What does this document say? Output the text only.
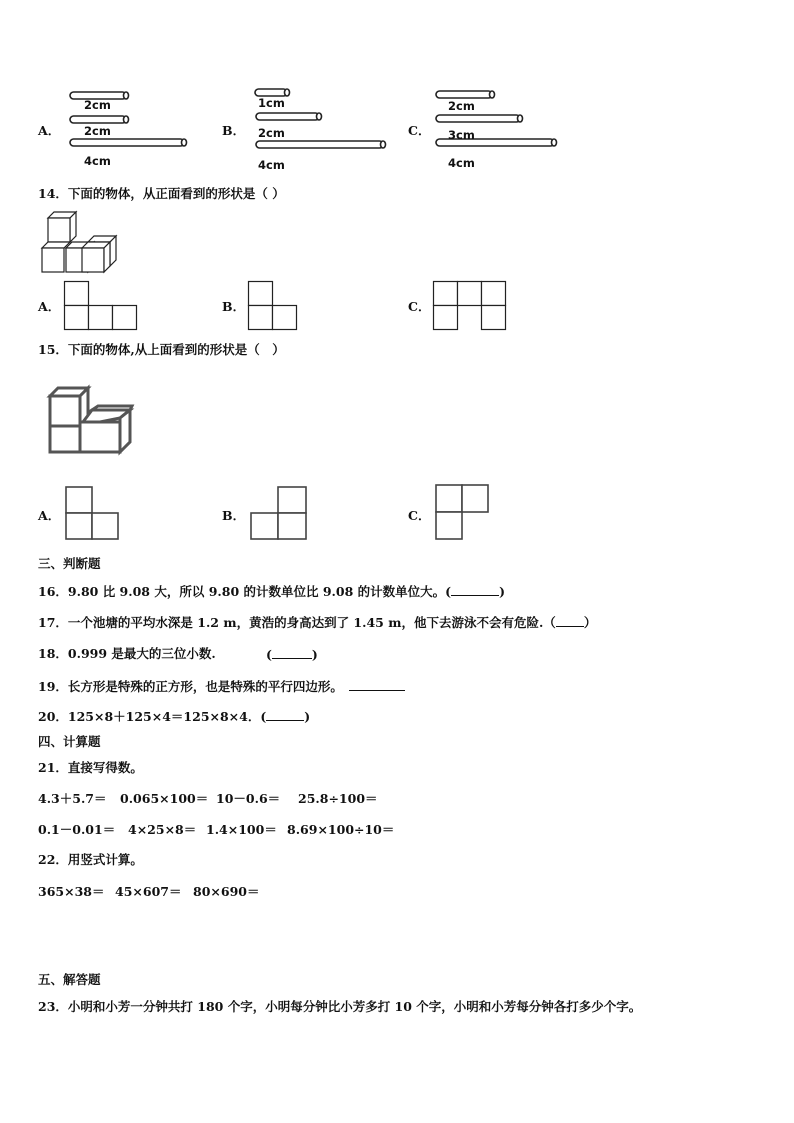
A．
2cm
2cm
4cm
B．
1cm
2cm
4cm
C．
2cm
3cm
4cm
14．下面的物体，从正面看到的形状是（ ）
A．	B．	C．
15．下面的物体,从上面看到的形状是（　）
A．	B．	C．
三、判断题
16．9.80 比 9.08 大，所以 9.80 的计数单位比 9.08 的计数单位大。(	)
17．一个池塘的平均水深是 1.2 m，黄浩的身高达到了 1.45 m，他下去游泳不会有危险.（ ）
18．0.999 是最大的三位小数.	(	)
19．长方形是特殊的正方形，也是特殊的平行四边形。
20．125×8＋125×4＝125×8×4．(	)
四、计算题
21．直接写得数。
4.3＋5.7＝ 0.065×100＝ 10－0.6＝ 25.8÷100＝
0.1－0.01＝ 4×25×8＝ 1.4×100＝ 8.69×100÷10＝
22．用竖式计算。
365×38＝ 45×607＝ 80×690＝
五、解答题
23．小明和小芳一分钟共打 180 个字，小明每分钟比小芳多打 10 个字，小明和小芳每分钟各打多少个字。
